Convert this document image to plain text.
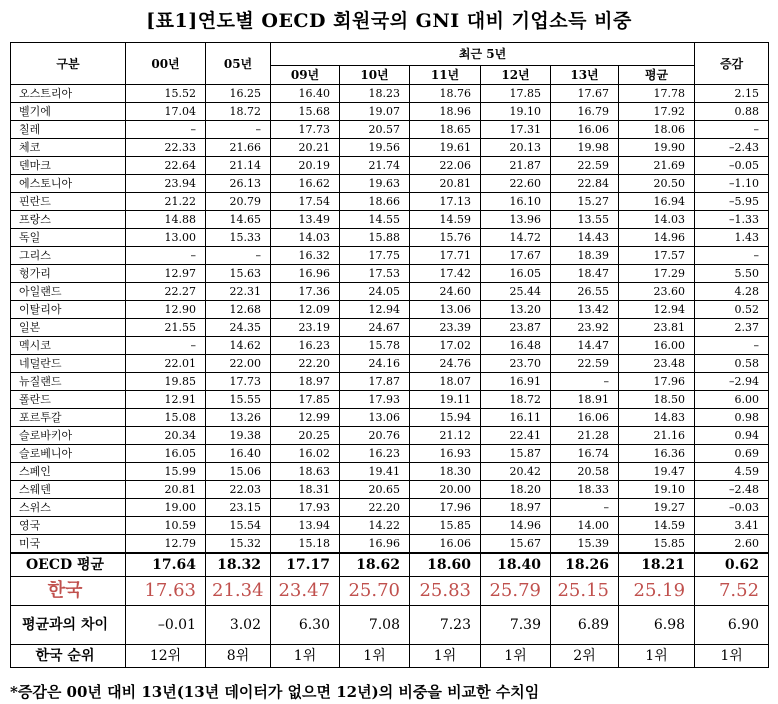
[표1]연도별 OECD 회원국의 GNI 대비 기업소득 비중
구분	00년	05년	최근 5년						증감
			09년	10년	11년	12년	13년	평균	
오스트리아	15.52	16.25	16.40	18.23	18.76	17.85	17.67	17.78	2.15
벨기에	17.04	18.72	15.68	19.07	18.96	19.10	16.79	17.92	0.88
칠레	–	–	17.73	20.57	18.65	17.31	16.06	18.06	–
체코	22.33	21.66	20.21	19.56	19.61	20.13	19.98	19.90	–2.43
덴마크	22.64	21.14	20.19	21.74	22.06	21.87	22.59	21.69	–0.05
에스토니아	23.94	26.13	16.62	19.63	20.81	22.60	22.84	20.50	–1.10
핀란드	21.22	20.79	17.54	18.66	17.13	16.10	15.27	16.94	–5.95
프랑스	14.88	14.65	13.49	14.55	14.59	13.96	13.55	14.03	–1.33
독일	13.00	15.33	14.03	15.88	15.76	14.72	14.43	14.96	1.43
그리스	–	–	16.32	17.75	17.71	17.67	18.39	17.57	–
헝가리	12.97	15.63	16.96	17.53	17.42	16.05	18.47	17.29	5.50
아일랜드	22.27	22.31	17.36	24.05	24.60	25.44	26.55	23.60	4.28
이탈리아	12.90	12.68	12.09	12.94	13.06	13.20	13.42	12.94	0.52
일본	21.55	24.35	23.19	24.67	23.39	23.87	23.92	23.81	2.37
멕시코	–	14.62	16.23	15.78	17.02	16.48	14.47	16.00	–
네덜란드	22.01	22.00	22.20	24.16	24.76	23.70	22.59	23.48	0.58
뉴질랜드	19.85	17.73	18.97	17.87	18.07	16.91	–	17.96	–2.94
폴란드	12.91	15.55	17.85	17.93	19.11	18.72	18.91	18.50	6.00
포르투갈	15.08	13.26	12.99	13.06	15.94	16.11	16.06	14.83	0.98
슬로바키아	20.34	19.38	20.25	20.76	21.12	22.41	21.28	21.16	0.94
슬로베니아	16.05	16.40	16.02	16.23	16.93	15.87	16.74	16.36	0.69
스페인	15.99	15.06	18.63	19.41	18.30	20.42	20.58	19.47	4.59
스웨덴	20.81	22.03	18.31	20.65	20.00	18.20	18.33	19.10	–2.48
스위스	19.00	23.15	17.93	22.20	17.96	18.97	–	19.27	–0.03
영국	10.59	15.54	13.94	14.22	15.85	14.96	14.00	14.59	3.41
미국	12.79	15.32	15.18	16.96	16.06	15.67	15.39	15.85	2.60
OECD 평균	17.64	18.32	17.17	18.62	18.60	18.40	18.26	18.21	0.62
한국	17.63	21.34	23.47	25.70	25.83	25.79	25.15	25.19	7.52
평균과의 차이	–0.01	3.02	6.30	7.08	7.23	7.39	6.89	6.98	6.90
한국 순위	12위	8위	1위	1위	1위	1위	2위	1위	1위
*증감은 00년 대비 13년(13년 데이터가 없으면 12년)의 비중을 비교한 수치임
